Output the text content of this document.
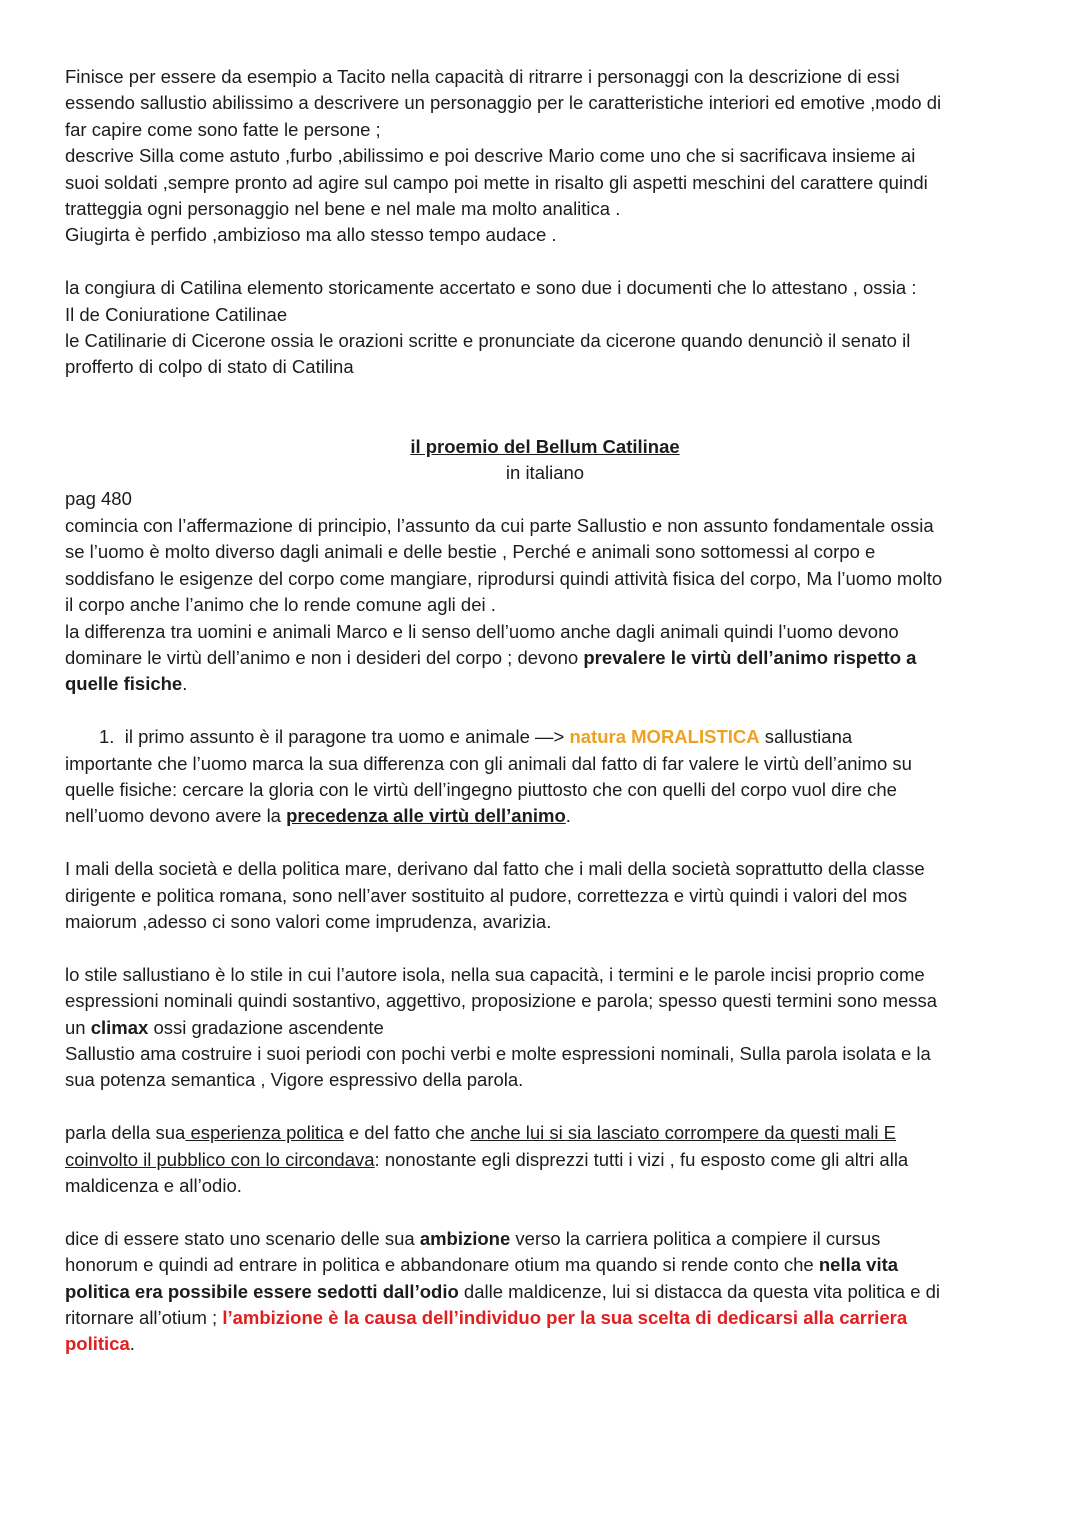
Finisce per essere da esempio a Tacito nella capacità di ritrarre i personaggi con la descrizione di essi

essendo sallustio abilissimo a descrivere un personaggio per le caratteristiche interiori ed emotive ,modo di

far capire come sono fatte le persone ;

descrive Silla come astuto ,furbo ,abilissimo e poi descrive Mario come uno che si sacrificava insieme ai

suoi soldati ,sempre pronto ad agire sul campo poi mette in risalto gli aspetti meschini del carattere quindi

tratteggia ogni personaggio nel bene e nel male ma molto analitica .

Giugirta è perfido ,ambizioso ma allo stesso tempo audace .

la congiura di Catilina elemento storicamente accertato e sono due i documenti che lo attestano , ossia :

Il de Coniuratione Catilinae

le Catilinarie di Cicerone ossia le orazioni scritte e pronunciate da cicerone quando denunciò il senato il

profferto di colpo di stato di Catilina

il proemio del Bellum Catilinae

in italiano

pag 480

comincia con l’affermazione di principio, l’assunto da cui parte Sallustio e non assunto fondamentale ossia

se l’uomo è molto diverso dagli animali e delle bestie , Perché e animali sono sottomessi al corpo e

soddisfano le esigenze del corpo come mangiare, riprodursi quindi attività fisica del corpo, Ma l’uomo molto

il corpo anche l’animo che lo rende comune agli dei .

la differenza tra uomini e animali Marco e li senso dell’uomo anche dagli animali quindi l’uomo devono

dominare le virtù dell’animo e non i desideri del corpo ; devono prevalere le virtù dell’animo rispetto a

quelle fisiche.

1. il primo assunto è il paragone tra uomo e animale —> natura MORALISTICA sallustiana

importante che l’uomo marca la sua differenza con gli animali dal fatto di far valere le virtù dell’animo su

quelle fisiche: cercare la gloria con le virtù dell’ingegno piuttosto che con quelli del corpo vuol dire che

nell’uomo devono avere la precedenza alle virtù dell’animo.

I mali della società e della politica mare, derivano dal fatto che i mali della società soprattutto della classe

dirigente e politica romana, sono nell’aver sostituito al pudore, correttezza e virtù quindi i valori del mos

maiorum ,adesso ci sono valori come imprudenza, avarizia.

lo stile sallustiano è lo stile in cui l’autore isola, nella sua capacità, i termini e le parole incisi proprio come

espressioni nominali quindi sostantivo, aggettivo, proposizione e parola; spesso questi termini sono messa

un climax ossi gradazione ascendente

Sallustio ama costruire i suoi periodi con pochi verbi e molte espressioni nominali, Sulla parola isolata e la

sua potenza semantica , Vigore espressivo della parola.

parla della sua esperienza politica e del fatto che anche lui si sia lasciato corrompere da questi mali E

coinvolto il pubblico con lo circondava: nonostante egli disprezzi tutti i vizi , fu esposto come gli altri alla

maldicenza e all’odio.

dice di essere stato uno scenario delle sua ambizione verso la carriera politica a compiere il cursus

honorum e quindi ad entrare in politica e abbandonare otium ma quando si rende conto che nella vita

politica era possibile essere sedotti dall’odio dalle maldicenze, lui si distacca da questa vita politica e di

ritornare all’otium ; l’ambizione è la causa dell’individuo per la sua scelta di dedicarsi alla carriera

politica.
